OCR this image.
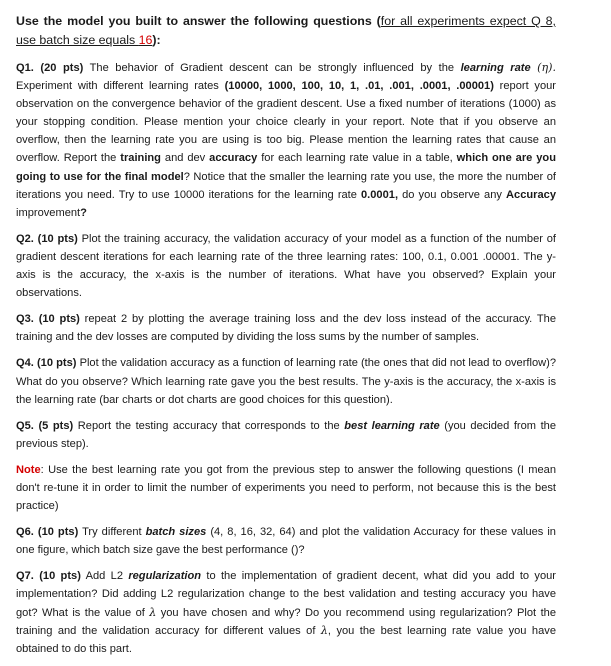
Use the model you built to answer the following questions (for all experiments expect Q 8, use batch size equals 16):

Q1. (20 pts) The behavior of Gradient descent can be strongly influenced by the learning rate (η). Experiment with different learning rates (10000, 1000, 100, 10, 1, .01, .001, .0001, .00001) report your observation on the convergence behavior of the gradient descent. Use a fixed number of iterations (1000) as your stopping condition. Please mention your choice clearly in your report. Note that if you observe an overflow, then the learning rate you are using is too big. Please mention the learning rates that cause an overflow. Report the training and dev accuracy for each learning rate value in a table, which one are you going to use for the final model? Notice that the smaller the learning rate you use, the more the number of iterations you need. Try to use 10000 iterations for the learning rate 0.0001, do you observe any Accuracy improvement?

Q2. (10 pts) Plot the training accuracy, the validation accuracy of your model as a function of the number of gradient descent iterations for each learning rate of the three learning rates: 100, 0.1, 0.001 .00001. The y-axis is the accuracy, the x-axis is the number of iterations. What have you observed? Explain your observations.

Q3. (10 pts) repeat 2 by plotting the average training loss and the dev loss instead of the accuracy. The training and the dev losses are computed by dividing the loss sums by the number of samples.

Q4. (10 pts) Plot the validation accuracy as a function of learning rate (the ones that did not lead to overflow)? What do you observe? Which learning rate gave you the best results. The y-axis is the accuracy, the x-axis is the learning rate (bar charts or dot charts are good choices for this question).

Q5. (5 pts) Report the testing accuracy that corresponds to the best learning rate (you decided from the previous step).

Note: Use the best learning rate you got from the previous step to answer the following questions (I mean don't re-tune it in order to limit the number of experiments you need to perform, not because this is the best practice)

Q6. (10 pts) Try different batch sizes (4, 8, 16, 32, 64) and plot the validation Accuracy for these values in one figure, which batch size gave the best performance ()?

Q7. (10 pts) Add L2 regularization to the implementation of gradient decent, what did you add to your implementation? Did adding L2 regularization change to the best validation and testing accuracy you have got? What is the value of λ you have chosen and why? Do you recommend using regularization? Plot the training and the validation accuracy for different values of λ, you the best learning rate value you have obtained to do this part.
